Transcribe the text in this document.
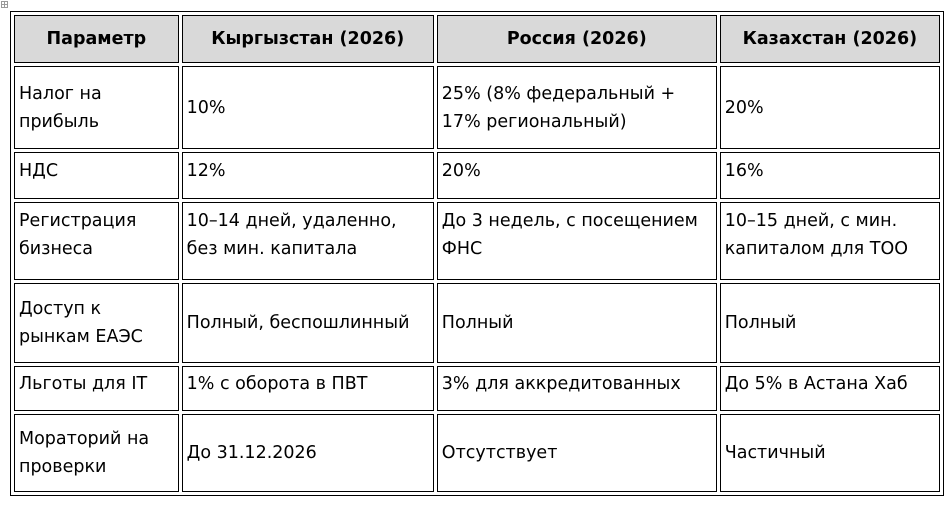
Параметр	Кыргызстан (2026)	Россия (2026)	Казахстан (2026)
Налог на прибыль	10%	25% (8% федеральный + 17% региональный)	20%
НДС	12%	20%	16%
Регистрация бизнеса	10–14 дней, удаленно, без мин. капитала	До 3 недель, с посещением ФНС	10–15 дней, с мин. капиталом для ТОО
Доступ к рынкам ЕАЭС	Полный, беспошлинный	Полный	Полный
Льготы для IT	1% с оборота в ПВТ	3% для аккредитованных	До 5% в Астана Хаб
Мораторий на проверки	До 31.12.2026	Отсутствует	Частичный
